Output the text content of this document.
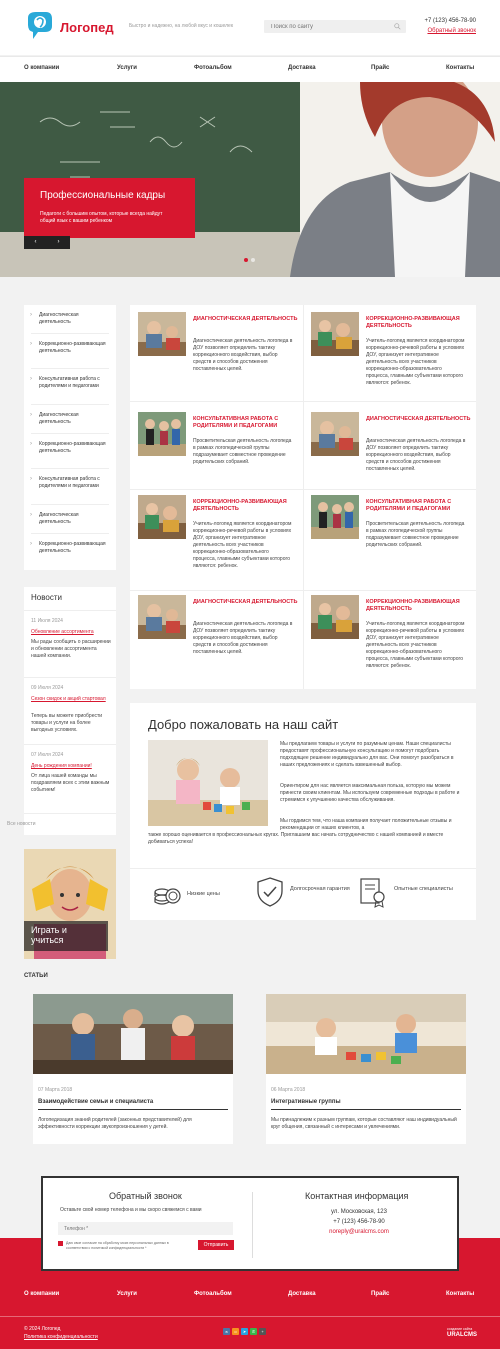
Логопед	Быстро и надежно, на любой вкус и кошелек
Поиск по сайту
+7 (123) 456-78-90
Обратный звонок
О компании	Услуги	Фотоальбом	Доставка	Прайс	Контакты
Профессиональные кадры
Педагоги с большим опытом, которые всегда найдут общий язык с вашим ребенком
‹	›
› Диагностическая деятельность
› Коррекционно-развивающая деятельность
› Консультативная работа с родителями и педагогами
› Диагностическая деятельность
› Коррекционно-развивающая деятельность
› Консультативная работа с родителями и педагогами
› Диагностическая деятельность
› Коррекционно-развивающая деятельность
Новости
11 Июля 2024
Обновление ассортимента
Мы рады сообщить о расширении и обновлении ассортимента нашей компании.
09 Июля 2024
Сезон скидок и акций стартовал
Теперь вы можете приобрести товары и услуги на более выгодных условиях.
07 Июля 2024
День рождения компании!
От лица нашей команды мы поздравляем всех с этим важным событием!
Все новости
Играть и учиться
ДИАГНОСТИЧЕСКАЯ ДЕЯТЕЛЬНОСТЬ
Диагностическая деятельность логопеда в ДОУ позволяет определить тактику коррекционного воздействия, выбор средств и способов достижения поставленных целей.
КОРРЕКЦИОННО-РАЗВИВАЮЩАЯ ДЕЯТЕЛЬНОСТЬ
Учитель-логопед является координатором коррекционно-речевой работы в условиях ДОУ, организует интегративное деятельность всех участников коррекционно-образовательного процесса, главными субъектами которого являются: ребенок.
КОНСУЛЬТАТИВНАЯ РАБОТА С РОДИТЕЛЯМИ И ПЕДАГОГАМИ
Просветительская деятельность логопеда в рамках логопедической группы подразумевает совместное проведение родительских собраний.
ДИАГНОСТИЧЕСКАЯ ДЕЯТЕЛЬНОСТЬ
Диагностическая деятельность логопеда в ДОУ позволяет определить тактику коррекционного воздействия, выбор средств и способов достижения поставленных целей.
КОРРЕКЦИОННО-РАЗВИВАЮЩАЯ ДЕЯТЕЛЬНОСТЬ
Учитель-логопед является координатором коррекционно-речевой работы в условиях ДОУ, организует интегративное деятельность всех участников коррекционно-образовательного процесса, главными субъектами которого являются: ребенок.
КОНСУЛЬТАТИВНАЯ РАБОТА С РОДИТЕЛЯМИ И ПЕДАГОГАМИ
Просветительская деятельность логопеда в рамках логопедической группы подразумевает совместное проведение родительских собраний.
ДИАГНОСТИЧЕСКАЯ ДЕЯТЕЛЬНОСТЬ
Диагностическая деятельность логопеда в ДОУ позволяет определить тактику коррекционного воздействия, выбор средств и способов достижения поставленных целей.
КОРРЕКЦИОННО-РАЗВИВАЮЩАЯ ДЕЯТЕЛЬНОСТЬ
Учитель-логопед является координатором коррекционно-речевой работы в условиях ДОУ, организует интегративное деятельность всех участников коррекционно-образовательного процесса, главными субъектами которого являются: ребенок.
Добро пожаловать на наш сайт
Мы предлагаем товары и услуги по разумным ценам. Наши специалисты предоставят профессиональную консультацию и помогут подобрать подходящее решение индивидуально для вас. Они помогут разобраться в наших предложениях и сделать взвешенный выбор.
Ориентиром для нас является максимальная польза, которую мы можем принести своим клиентам. Мы используем современные подходы в работе и стремимся к улучшению качества обслуживания.
Мы гордимся тем, что наша компания получает положительные отзывы и рекомендации от наших клиентов, а
также хорошо оценивается в профессиональных кругах. Приглашаем вас начать сотрудничество с нашей компанией и вместе добиваться успеха!
Низкие цены
Долгосрочная гарантия	Опытные специалисты
СТАТЬИ
07 Марта 2018
Взаимодействие семьи и специалиста
Логопедизация знаний родителей (законных представителей) для эффективности коррекции звукопроизношения у детей.
06 Марта 2018
Интегративные группы
Мы принадлежим к разным группам, которые составляют наш индивидуальный круг общения, связанный с интересами и увлечениями.
Обратный звонок
Оставьте свой номер телефона и мы скоро свяжемся с вами
Телефон *
Даю свое согласие на обработку моих персональных данных в соответствии с политикой конфиденциальности *	Отправить
Контактная информация
ул. Московская, 123
+7 (123) 456-78-90
noreply@uralcms.com
О компании	Услуги	Фотоальбом	Доставка	Прайс	Контакты
© 2024 Логопед
Политика конфиденциальности
в о ➤ ✆ +	создание сайта
URALCMS
